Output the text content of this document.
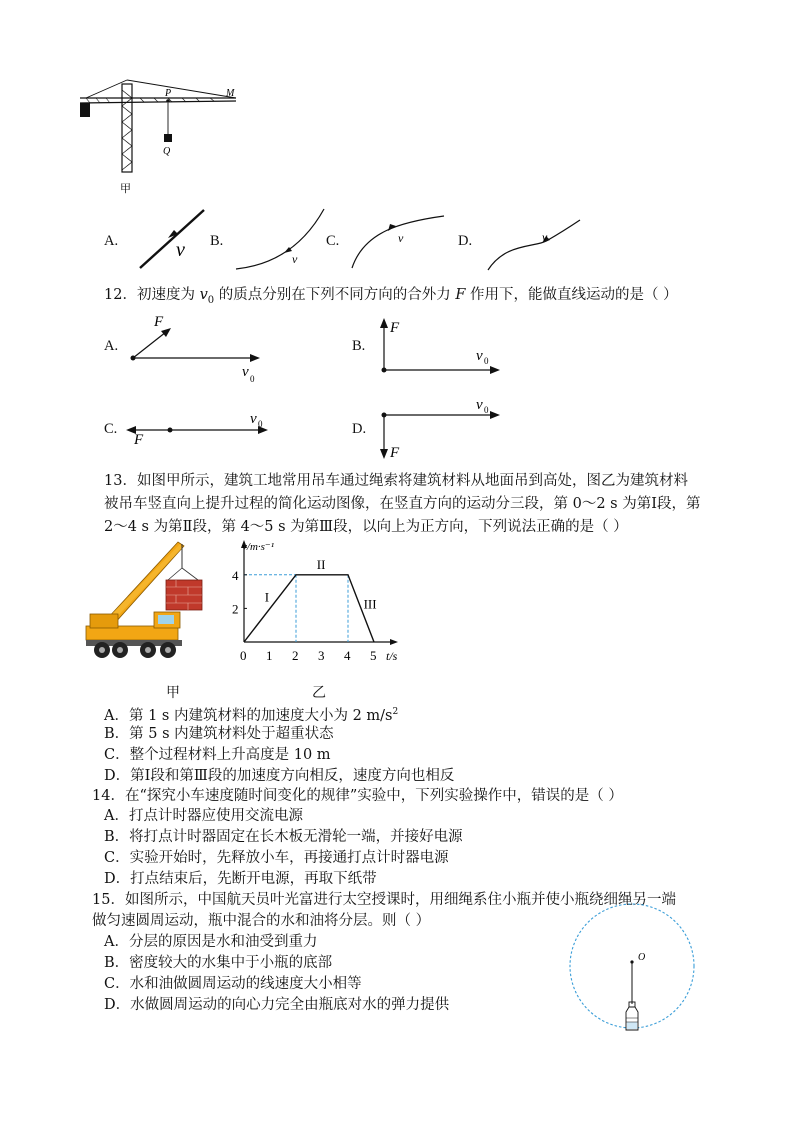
P	M
Q
甲
A.	v B.
v
C.	v	D.	v
12．初速度为 $v_0$ 的质点分别在下列不同方向的合外力 F 作用下，能做直线运动的是（ ）
A.
F
v 0
B.
F
v 0
C.
F
v 0	D.
F
v 0
13．如图甲所示，建筑工地常用吊车通过绳索将建筑材料从地面吊到高处，图乙为建筑材料
被吊车竖直向上提升过程的简化运动图像，在竖直方向的运动分三段，第 0～2 s 为第Ⅰ段，第
2～4 s 为第Ⅱ段，第 4～5 s 为第Ⅲ段，以向上为正方向，下列说法正确的是（ ）
甲
0 1 2 3 4 5
2
4
I
II
III
v/m·s⁻¹
t/s
乙
A．第 1 s 内建筑材料的加速度大小为 2 $m/s^2$
B．第 5 s 内建筑材料处于超重状态
C．整个过程材料上升高度是 10 m
D．第Ⅰ段和第Ⅲ段的加速度方向相反，速度方向也相反
14．在“探究小车速度随时间变化的规律”实验中，下列实验操作中，错误的是（ ）
A．打点计时器应使用交流电源
B．将打点计时器固定在长木板无滑轮一端，并接好电源
C．实验开始时，先释放小车，再接通打点计时器电源
D．打点结束后，先断开电源，再取下纸带
15．如图所示，中国航天员叶光富进行太空授课时，用细绳系住小瓶并使小瓶绕细绳另一端
做匀速圆周运动，瓶中混合的水和油将分层。则（ ）
A．分层的原因是水和油受到重力
B．密度较大的水集中于小瓶的底部
C．水和油做圆周运动的线速度大小相等
D．水做圆周运动的向心力完全由瓶底对水的弹力提供
O
